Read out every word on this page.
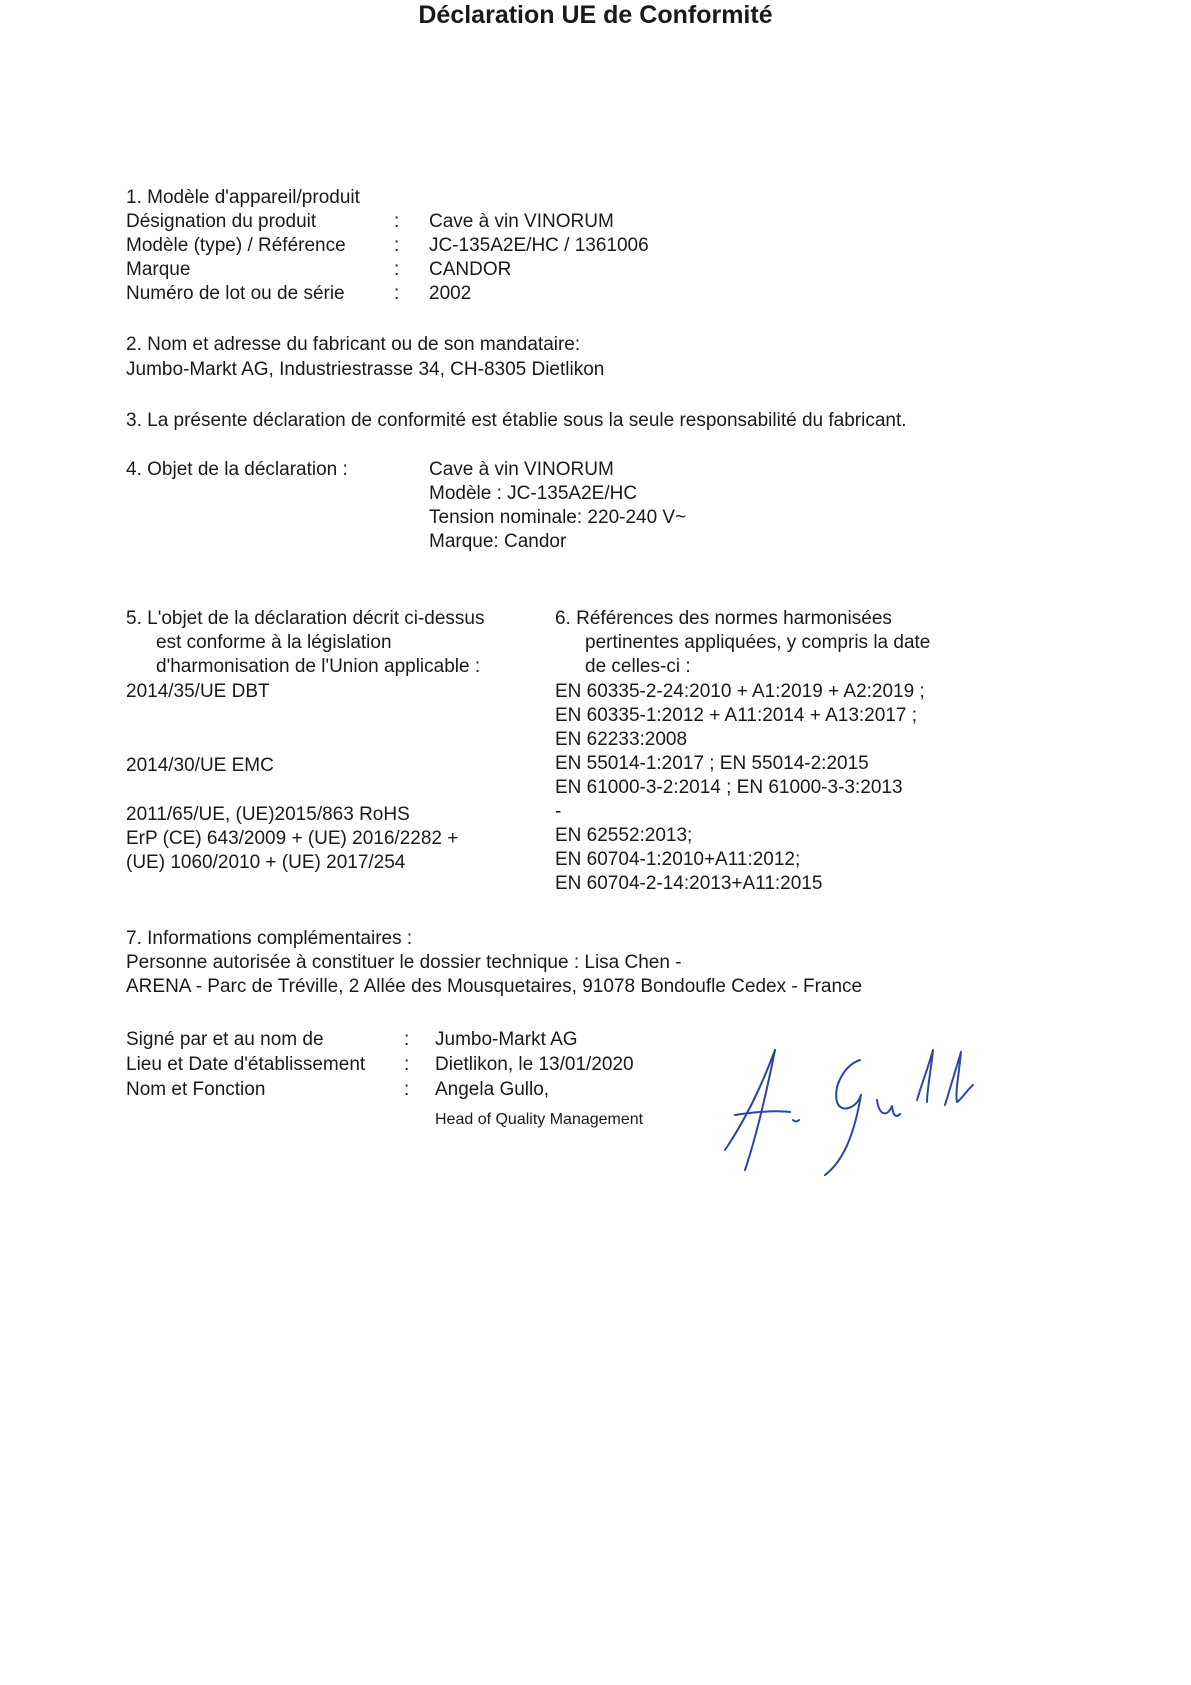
Déclaration UE de Conformité
1. Modèle d'appareil/produit
Désignation du produit	: Cave à vin VINORUM
Modèle (type) / Référence	: JC-135A2E/HC / 1361006
Marque	: CANDOR
Numéro de lot ou de série	: 2002
2. Nom et adresse du fabricant ou de son mandataire:
Jumbo-Markt AG, Industriestrasse 34, CH-8305 Dietlikon
3. La présente déclaration de conformité est établie sous la seule responsabilité du fabricant.
4. Objet de la déclaration :	Cave à vin VINORUM
Modèle : JC-135A2E/HC
Tension nominale: 220-240 V~
Marque: Candor
5. L'objet de la déclaration décrit ci-dessus
est conforme à la législation
d'harmonisation de l'Union applicable :
2014/35/UE DBT
2014/30/UE EMC
2011/65/UE, (UE)2015/863 RoHS
ErP (CE) 643/2009 + (UE) 2016/2282 +
(UE) 1060/2010 + (UE) 2017/254
6. Références des normes harmonisées
pertinentes appliquées, y compris la date
de celles-ci :
EN 60335-2-24:2010 + A1:2019 + A2:2019 ;
EN 60335-1:2012 + A11:2014 + A13:2017 ;
EN 62233:2008
EN 55014-1:2017 ; EN 55014-2:2015
EN 61000-3-2:2014 ; EN 61000-3-3:2013
-
EN 62552:2013;
EN 60704-1:2010+A11:2012;
EN 60704-2-14:2013+A11:2015
7. Informations complémentaires :
Personne autorisée à constituer le dossier technique : Lisa Chen -
ARENA - Parc de Tréville, 2 Allée des Mousquetaires, 91078 Bondoufle Cedex - France
Signé par et au nom de	: Jumbo-Markt AG
Lieu et Date d'établissement : Dietlikon, le 13/01/2020
Nom et Fonction	: Angela Gullo,
Head of Quality Management
